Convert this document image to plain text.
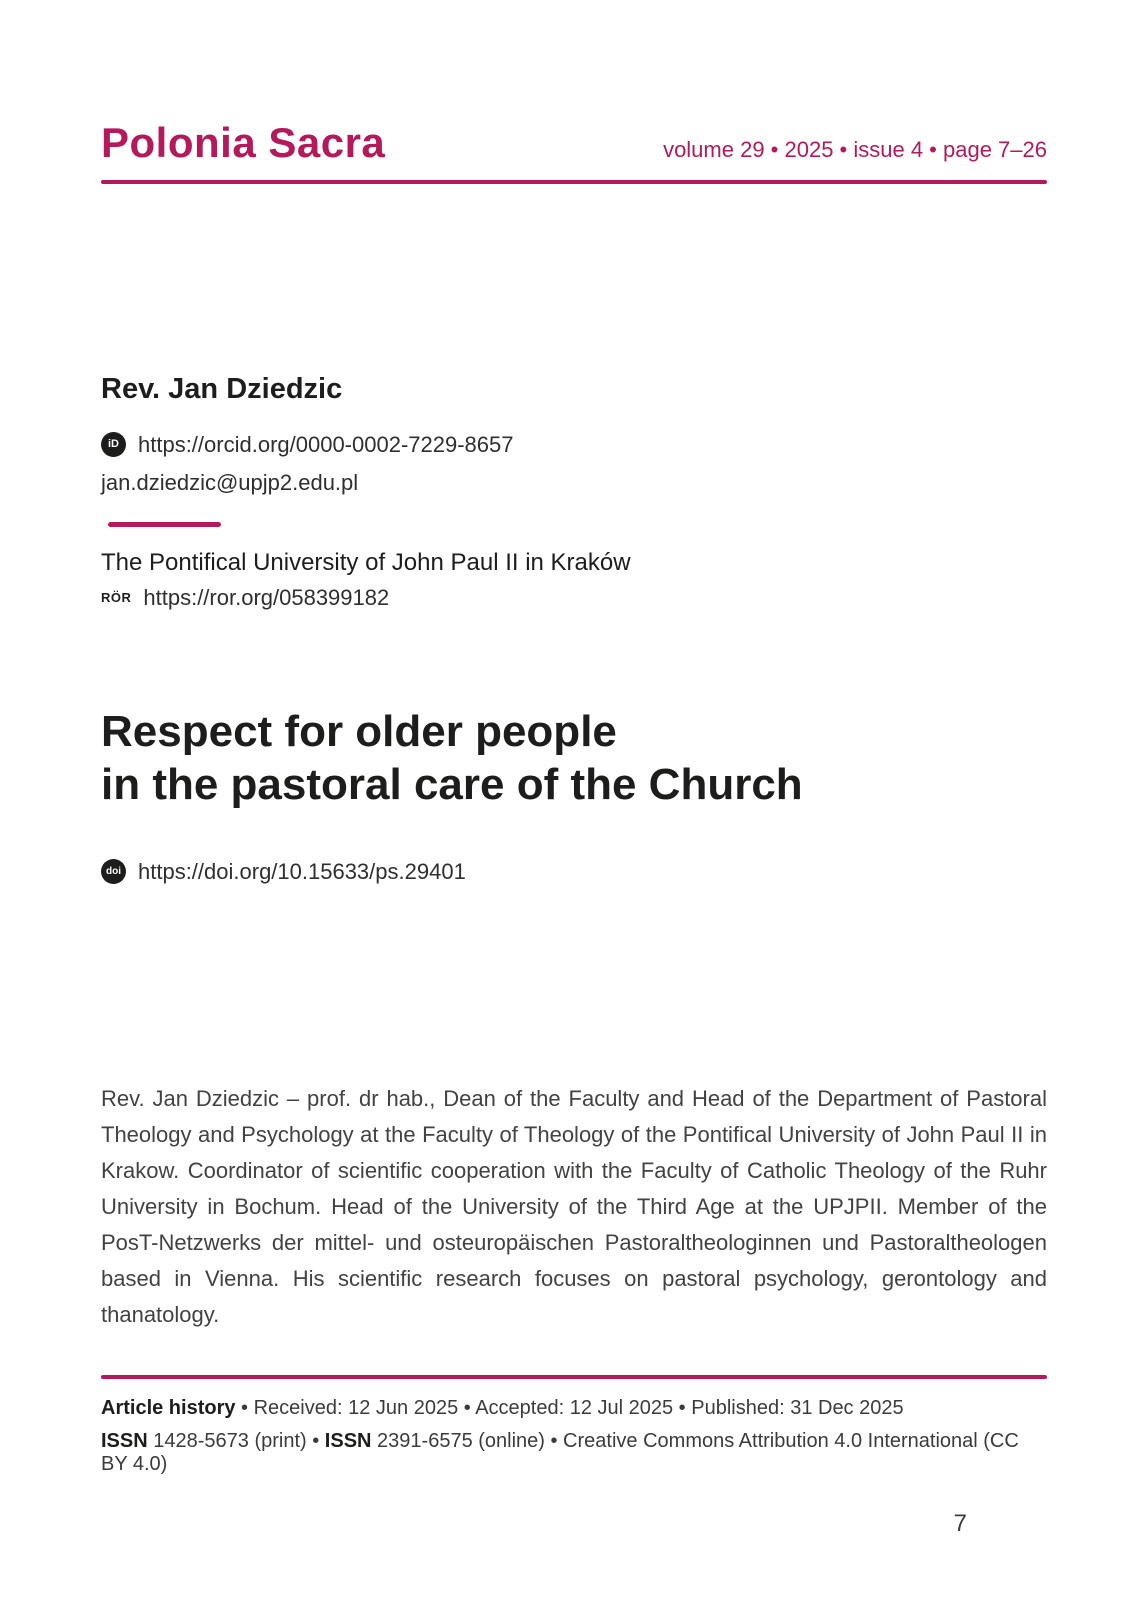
Polonia Sacra	volume 29 • 2025 • issue 4 • page 7–26
Rev. Jan Dziedzic
iD https://orcid.org/0000-0002-7229-8657
jan.dziedzic@upjp2.edu.pl
The Pontifical University of John Paul II in Kraków
RÖR https://ror.org/058399182
Respect for older people
in the pastoral care of the Church
doi https://doi.org/10.15633/ps.29401
Rev. Jan Dziedzic – prof. dr hab., Dean of the Faculty and Head of the Department of Pastoral Theology and Psychology at the Faculty of Theology of the Pontifical University of John Paul II in Krakow. Coordinator of scientific cooperation with the Faculty of Catholic Theology of the Ruhr University in Bochum. Head of the University of the Third Age at the UPJPII. Member of the PosT-Netzwerks der mittel- und osteuropäischen Pastoraltheologinnen und Pastoraltheologen based in Vienna. His scientific research focuses on pastoral psychology, gerontology and thanatology.
Article history • Received: 12 Jun 2025 • Accepted: 12 Jul 2025 • Published: 31 Dec 2025
ISSN 1428-5673 (print) • ISSN 2391-6575 (online) • Creative Commons Attribution 4.0 International (CC BY 4.0)
7
